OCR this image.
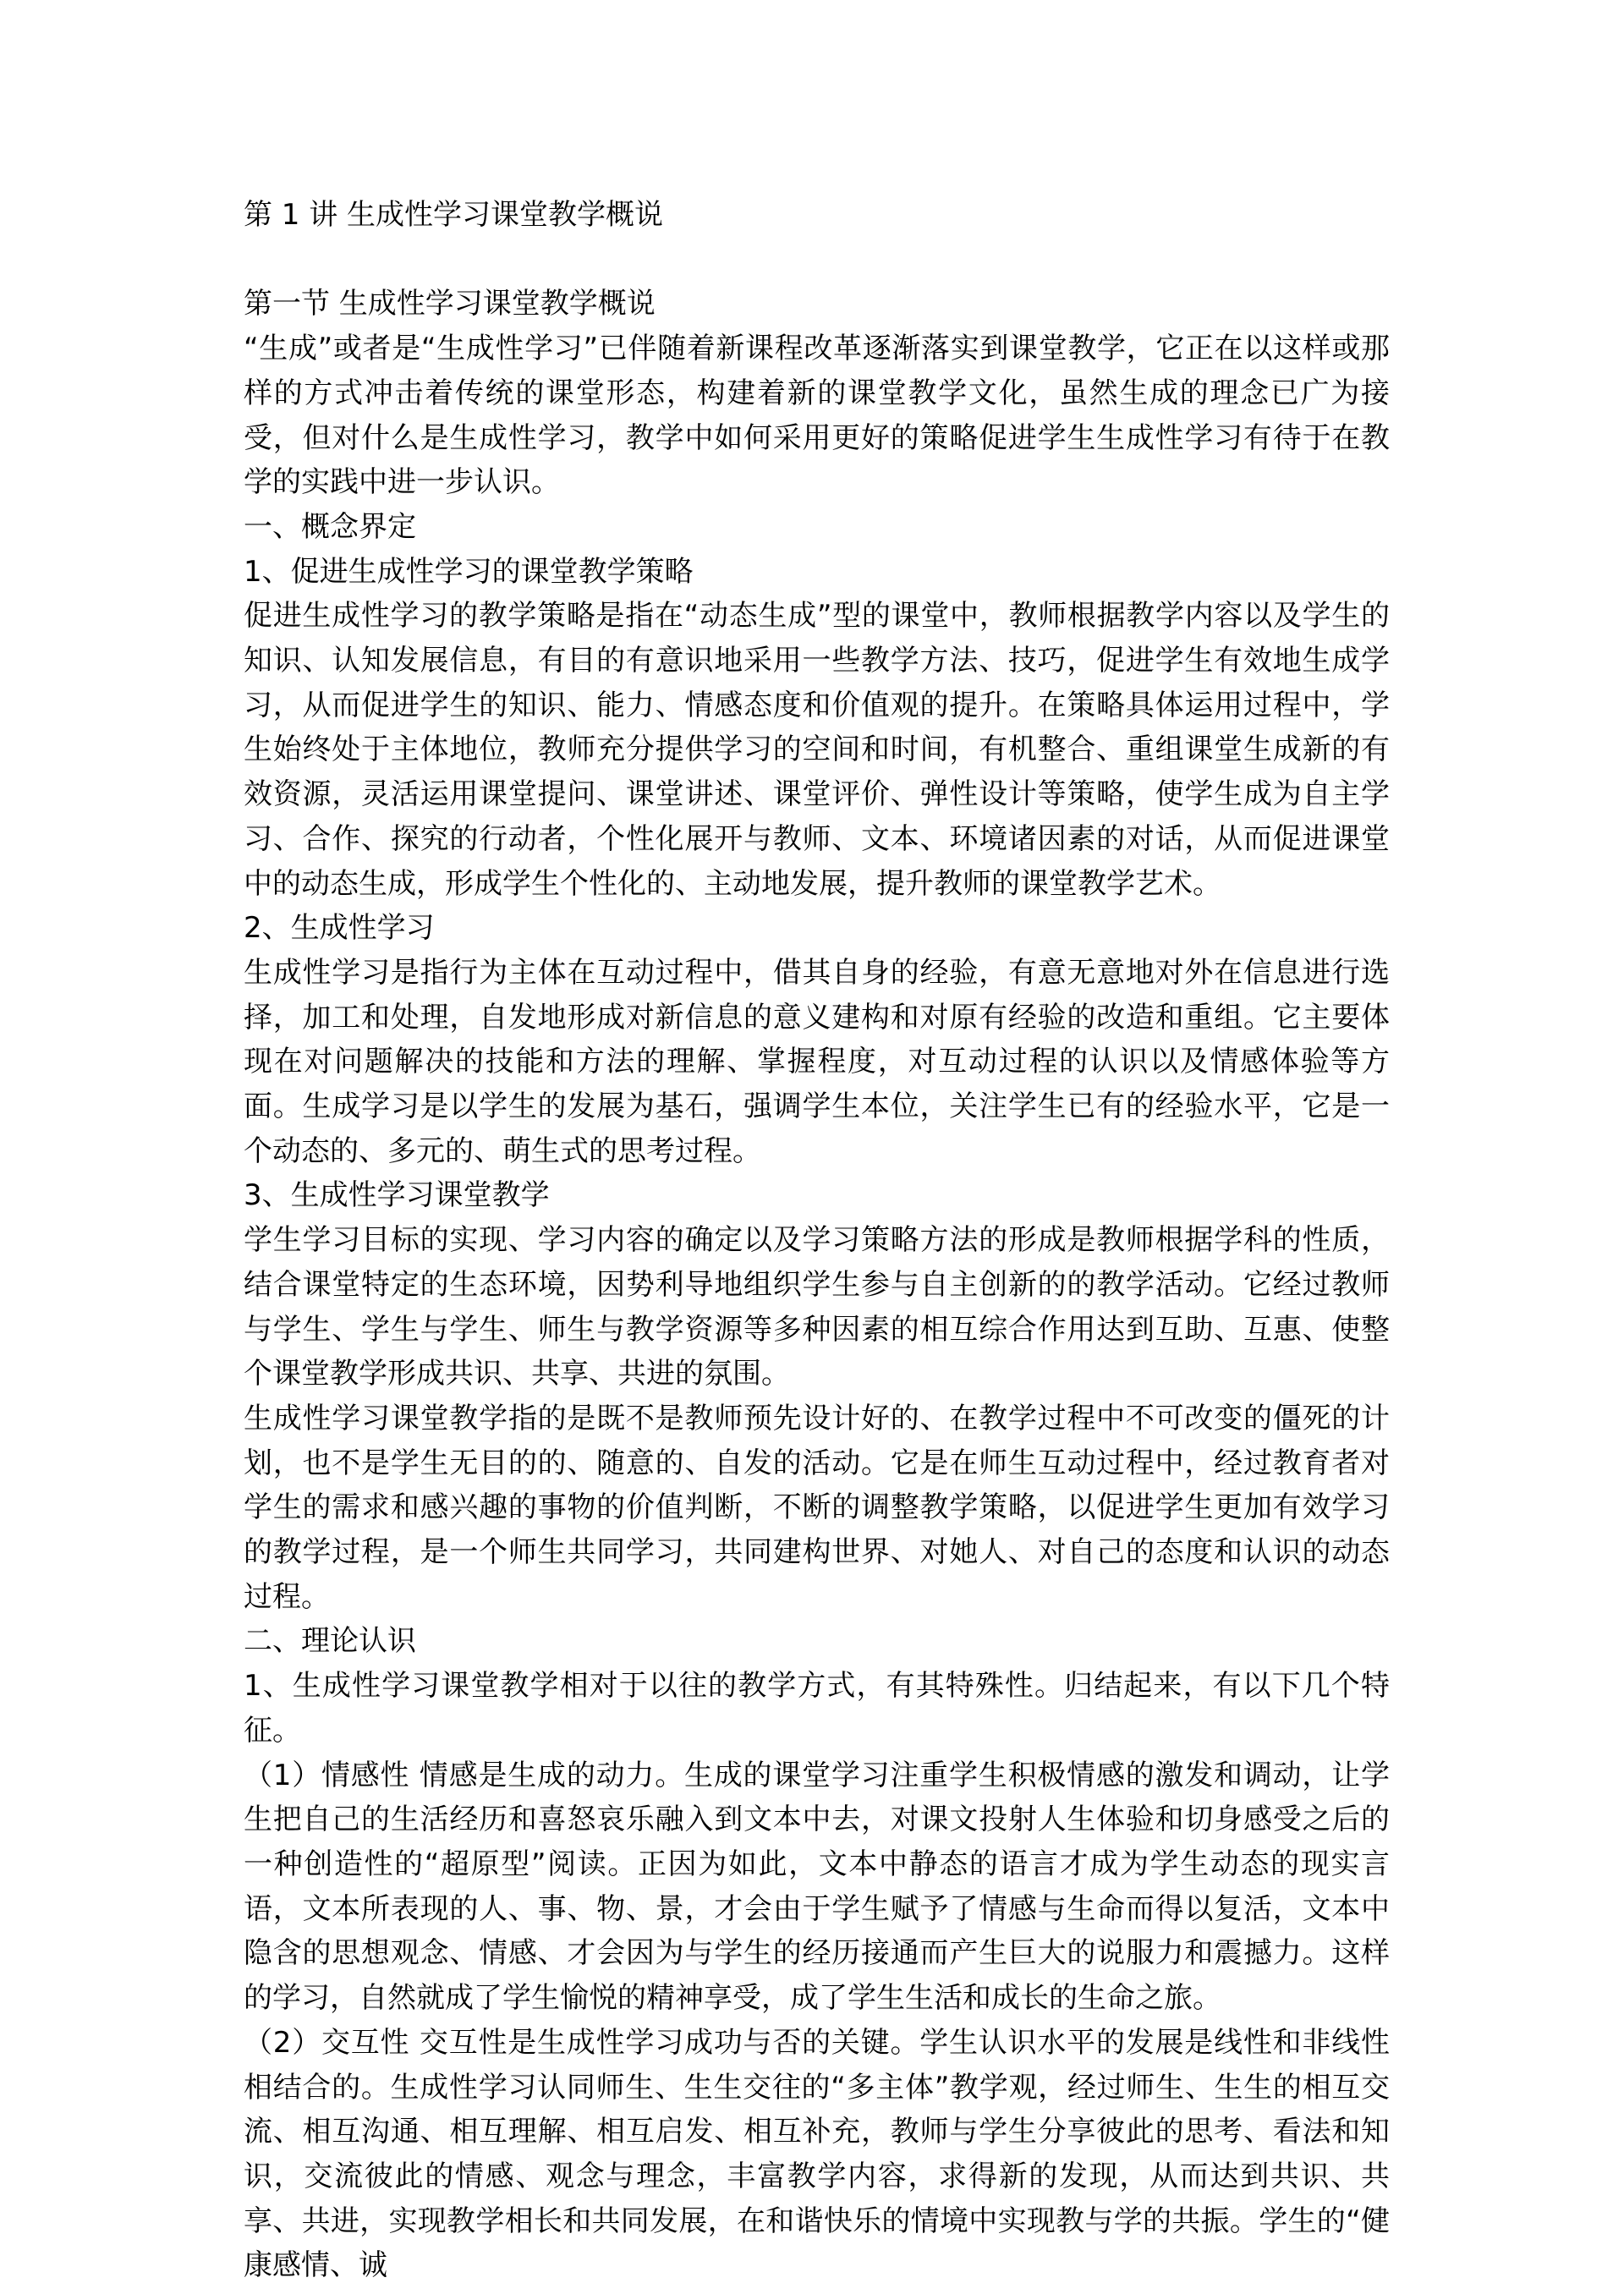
第 1 讲 生成性学习课堂教学概说

第一节 生成性学习课堂教学概说

“生成”或者是“生成性学习”已伴随着新课程改革逐渐落实到课堂教学，它正在以这样或那样的方式冲击着传统的课堂形态，构建着新的课堂教学文化，虽然生成的理念已广为接受，但对什么是生成性学习，教学中如何采用更好的策略促进学生生成性学习有待于在教学的实践中进一步认识。

一、概念界定

1、促进生成性学习的课堂教学策略

促进生成性学习的教学策略是指在“动态生成”型的课堂中，教师根据教学内容以及学生的知识、认知发展信息，有目的有意识地采用一些教学方法、技巧，促进学生有效地生成学习，从而促进学生的知识、能力、情感态度和价值观的提升。在策略具体运用过程中，学生始终处于主体地位，教师充分提供学习的空间和时间，有机整合、重组课堂生成新的有效资源，灵活运用课堂提问、课堂讲述、课堂评价、弹性设计等策略，使学生成为自主学习、合作、探究的行动者，个性化展开与教师、文本、环境诸因素的对话，从而促进课堂中的动态生成，形成学生个性化的、主动地发展，提升教师的课堂教学艺术。

2、生成性学习

生成性学习是指行为主体在互动过程中，借其自身的经验，有意无意地对外在信息进行选择，加工和处理，自发地形成对新信息的意义建构和对原有经验的改造和重组。它主要体现在对问题解决的技能和方法的理解、掌握程度，对互动过程的认识以及情感体验等方面。生成学习是以学生的发展为基石，强调学生本位，关注学生已有的经验水平，它是一个动态的、多元的、萌生式的思考过程。

3、生成性学习课堂教学

学生学习目标的实现、学习内容的确定以及学习策略方法的形成是教师根据学科的性质，结合课堂特定的生态环境，因势利导地组织学生参与自主创新的的教学活动。它经过教师与学生、学生与学生、师生与教学资源等多种因素的相互综合作用达到互助、互惠、使整个课堂教学形成共识、共享、共进的氛围。

生成性学习课堂教学指的是既不是教师预先设计好的、在教学过程中不可改变的僵死的计划，也不是学生无目的的、随意的、自发的活动。它是在师生互动过程中，经过教育者对学生的需求和感兴趣的事物的价值判断，不断的调整教学策略，以促进学生更加有效学习的教学过程，是一个师生共同学习，共同建构世界、对她人、对自己的态度和认识的动态过程。

二、理论认识

1、生成性学习课堂教学相对于以往的教学方式，有其特殊性。归结起来，有以下几个特征。

（1）情感性 情感是生成的动力。生成的课堂学习注重学生积极情感的激发和调动，让学生把自己的生活经历和喜怒哀乐融入到文本中去，对课文投射人生体验和切身感受之后的一种创造性的“超原型”阅读。正因为如此，文本中静态的语言才成为学生动态的现实言语，文本所表现的人、事、物、景，才会由于学生赋予了情感与生命而得以复活，文本中隐含的思想观念、情感、才会因为与学生的经历接通而产生巨大的说服力和震撼力。这样的学习，自然就成了学生愉悦的精神享受，成了学生生活和成长的生命之旅。

（2）交互性 交互性是生成性学习成功与否的关键。学生认识水平的发展是线性和非线性相结合的。生成性学习认同师生、生生交往的“多主体”教学观，经过师生、生生的相互交流、相互沟通、相互理解、相互启发、相互补充，教师与学生分享彼此的思考、看法和知识，交流彼此的情感、观念与理念，丰富教学内容，求得新的发现，从而达到共识、共享、共进，实现教学相长和共同发展，在和谐快乐的情境中实现教与学的共振。学生的“健康感情、诚
